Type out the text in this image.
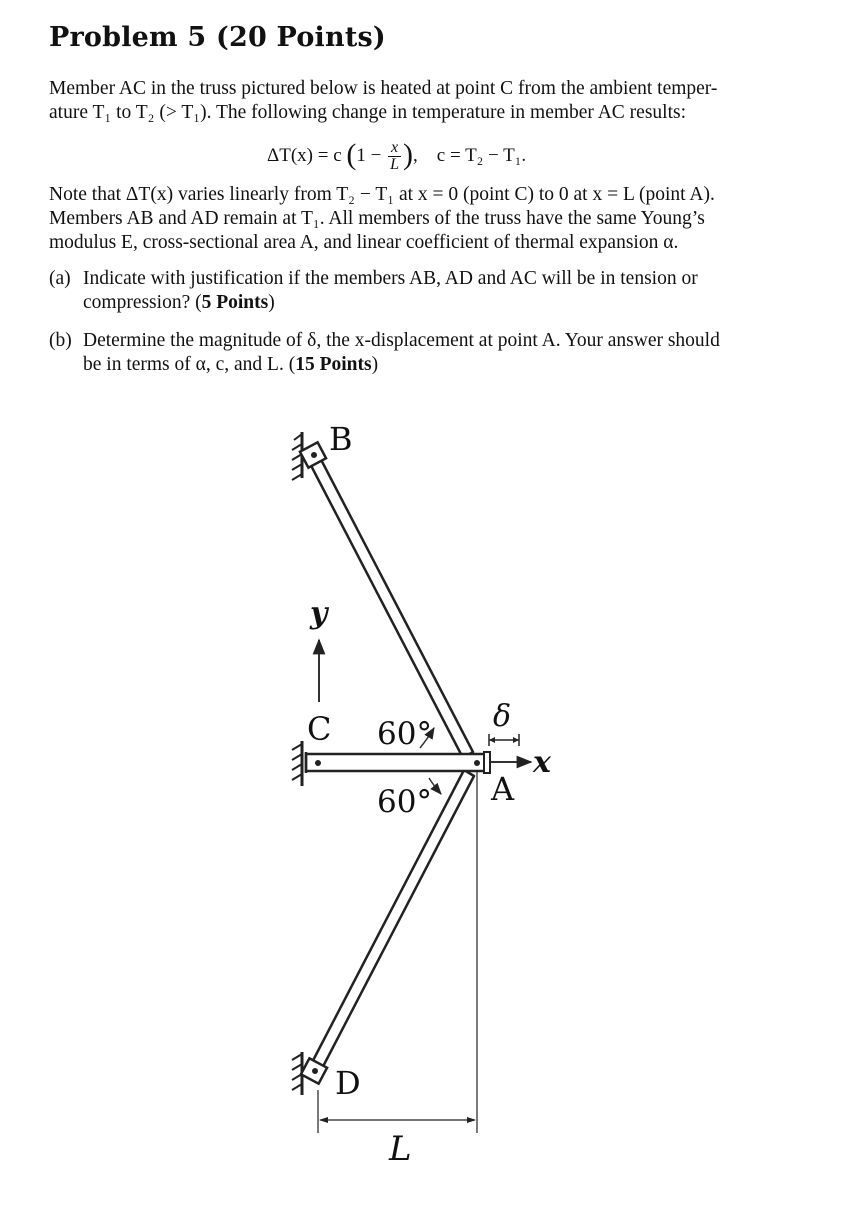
Problem 5 (20 Points)
Member AC in the truss pictured below is heated at point C from the ambient temper-
ature T₁ to T₂ (> T₁). The following change in temperature in member AC results:
ΔT(x) = c ($1 - \frac{x}{L}$ ),    c = T₂ − T₁.
Note that ΔT(x) varies linearly from T₂ − T₁ at x = 0 (point C) to 0 at x = L (point A).
Members AB and AD remain at T₁. All members of the truss have the same Young’s
modulus E, cross-sectional area A, and linear coefficient of thermal expansion α.
(a) Indicate with justification if the members AB, AD and AC will be in tension or
compression? (5 Points)
(b) Determine the magnitude of δ, the x-displacement at point A. Your answer should
be in terms of α, c, and L. (15 Points)
B
C
D
A
y
x
δ
60°
60°
L
